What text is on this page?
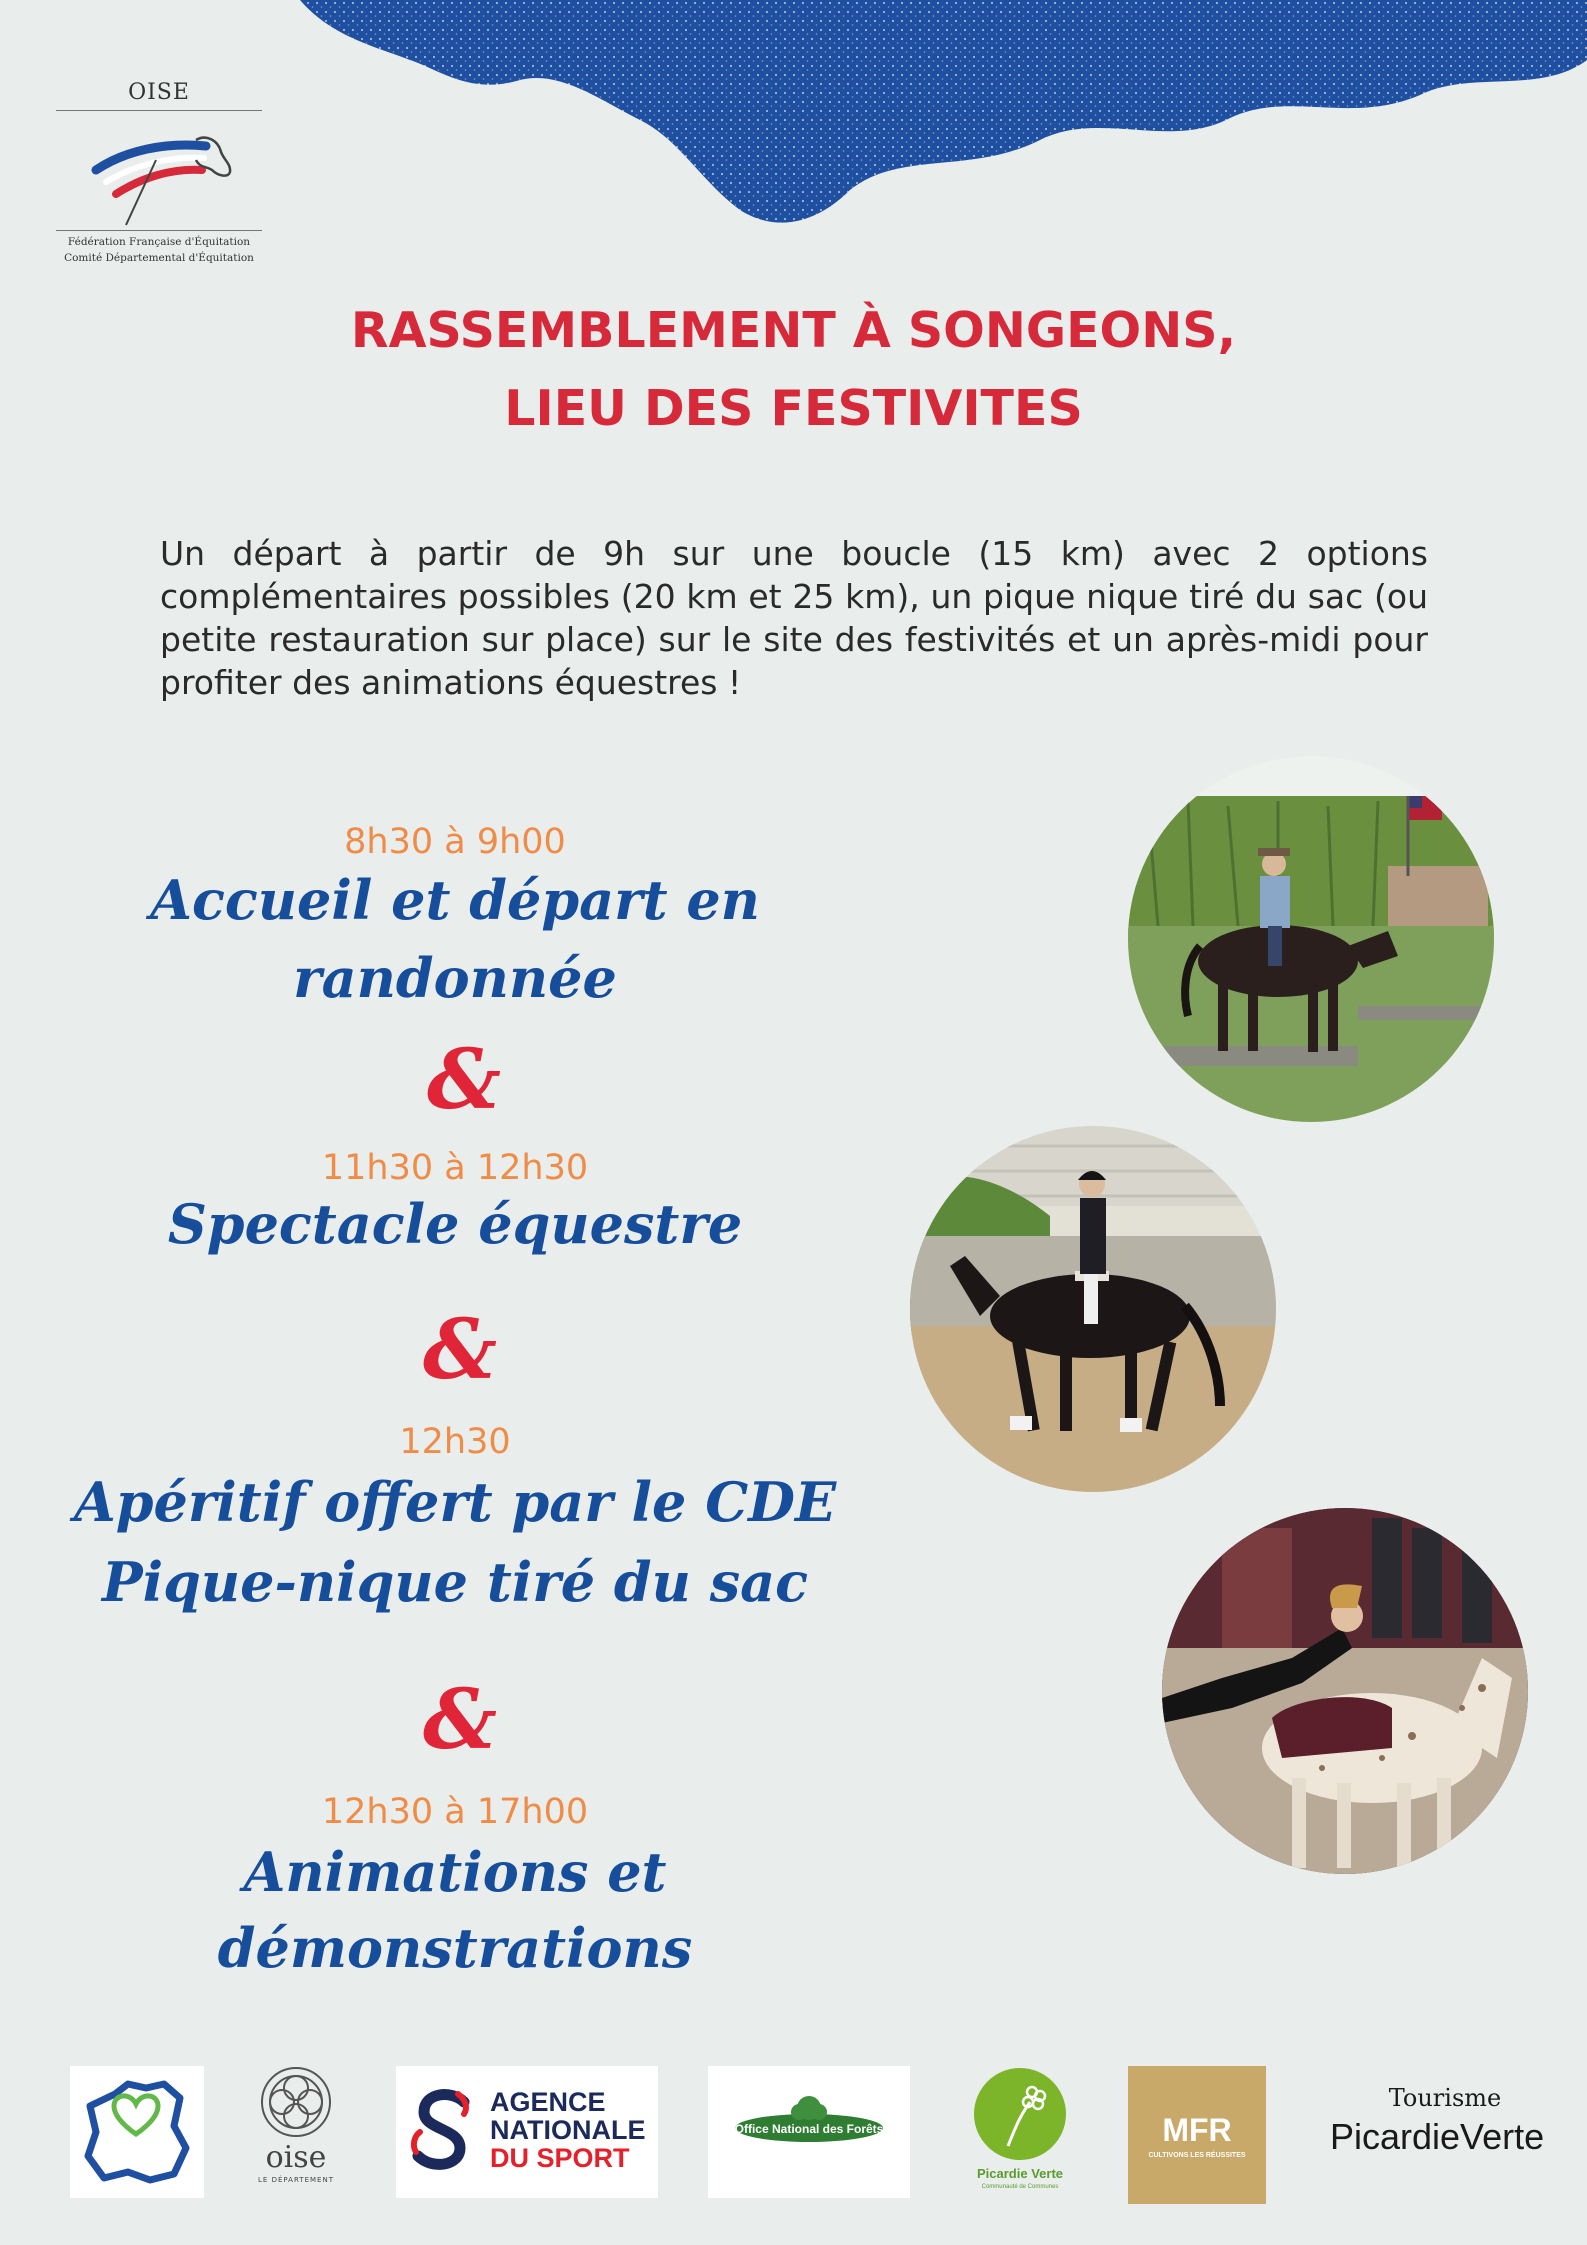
OISE
Fédération Française d'Équitation
Comité Départemental d'Équitation
RASSEMBLEMENT À SONGEONS,
LIEU DES FESTIVITES
Un départ à partir de 9h sur une boucle (15 km) avec 2 options complémentaires possibles (20 km et 25 km), un pique nique tiré du sac (ou petite restauration sur place) sur le site des festivités et un après-midi pour profiter des animations équestres !
8h30 à 9h00
Accueil et départ en
randonnée
&
11h30 à 12h30
Spectacle équestre
&
12h30
Apéritif offert par le CDE
Pique-nique tiré du sac
&
12h30 à 17h00
Animations et démonstrations
oise
LE DÉPARTEMENT
AGENCE
NATIONALE
DU SPORT
Office National des Forêts
Picardie Verte
Communauté de Communes
MFR
CULTIVONS LES RÉUSSITES
Tourisme
PicardieVerte
